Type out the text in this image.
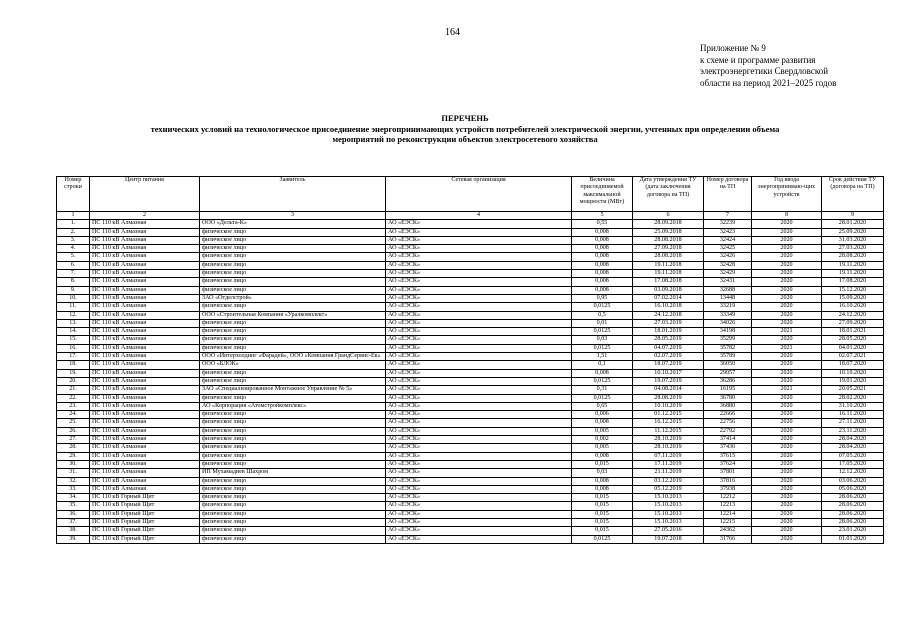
164
Приложение № 9
к схеме и программе развития
электроэнергетики Свердловской
области на период 2021–2025 годов
ПЕРЕЧЕНЬ
технических условий на технологическое присоединение энергопринимающих устройств потребителей электрической энергии, учтенных при определении объема
мероприятий по реконструкции объектов электросетевого хозяйства
Номер строки	Центр питания	Заявитель	Сетевая организация	Величина присоединяемой максимальной мощности (МВт)	Дата утверждения ТУ (дата заключения договора на ТП)	Номер договора на ТП	Год ввода энергопринимаю-щих устройств	Срок действия ТУ (договора на ТП)
1	2	3	4	5	6	7	8	9
1.	ПС 110 кВ Алмазная	ООО «Дельта-К»	АО «ЕЭСК»	0,55	28.09.2018	32239	2020	28.01.2020
2.	ПС 110 кВ Алмазная	физическое лицо	АО «ЕЭСК»	0,008	25.09.2018	32423	2020	25.09.2020
3.	ПС 110 кВ Алмазная	физическое лицо	АО «ЕЭСК»	0,008	28.08.2018	32424	2020	31.03.2020
4.	ПС 110 кВ Алмазная	физическое лицо	АО «ЕЭСК»	0,008	27.09.2018	32425	2020	27.03.2020
5.	ПС 110 кВ Алмазная	физическое лицо	АО «ЕЭСК»	0,008	28.08.2018	32426	2020	28.08.2020
6.	ПС 110 кВ Алмазная	физическое лицо	АО «ЕЭСК»	0,008	19.11.2018	32428	2020	19.11.2020
7.	ПС 110 кВ Алмазная	физическое лицо	АО «ЕЭСК»	0,008	19.11.2018	32429	2020	19.11.2020
8.	ПС 110 кВ Алмазная	физическое лицо	АО «ЕЭСК»	0,008	17.08.2018	32431	2020	17.08.2020
9.	ПС 110 кВ Алмазная	физическое лицо	АО «ЕЭСК»	0,008	03.09.2018	32688	2020	15.12.2020
10.	ПС 110 кВ Алмазная	ЗАО «Отделстрой»	АО «ЕЭСК»	0,95	07.02.2014	13448	2020	15.09.2020
11.	ПС 110 кВ Алмазная	физическое лицо	АО «ЕЭСК»	0,0125	16.10.2018	33219	2020	16.10.2020
12.	ПС 110 кВ Алмазная	ООО «Строительная Компания «Уралкомплект»	АО «ЕЭСК»	0,5	24.12.2018	33349	2020	24.12.2020
13.	ПС 110 кВ Алмазная	физическое лицо	АО «ЕЭСК»	0,01	27.03.2019	34026	2020	27.09.2020
14.	ПС 110 кВ Алмазная	физическое лицо	АО «ЕЭСК»	0,0125	18.01.2019	34198	2021	18.01.2021
15.	ПС 110 кВ Алмазная	физическое лицо	АО «ЕЭСК»	0,03	28.05.2019	35299	2020	28.05.2020
16.	ПС 110 кВ Алмазная	физическое лицо	АО «ЕЭСК»	0,0125	04.07.2019	35782	2021	04.01.2020
17.	ПС 110 кВ Алмазная	ООО «Интерхолдинг «Фарадей», ООО «Компания ГрандСервис-Ек»	АО «ЕЭСК»	1,51	02.07.2019	35789	2020	02.07.2021
18.	ПС 110 кВ Алмазная	ООО «БЛОК»	АО «ЕЭСК»	0,1	18.07.2019	36050	2020	18.07.2020
19.	ПС 110 кВ Алмазная	физическое лицо	АО «ЕЭСК»	0,008	10.10.2017	29057	2020	10.10.2020
20.	ПС 110 кВ Алмазная	физическое лицо	АО «ЕЭСК»	0,0125	19.07.2019	36286	2020	19.01.2020
21.	ПС 110 кВ Алмазная	ЗАО «Специализированное Монтажное Управление № 5»	АО «ЕЭСК»	0,31	04.08.2014	16195	2021	20.05.2021
22.	ПС 110 кВ Алмазная	физическое лицо	АО «ЕЭСК»	0,0125	28.08.2019	36780	2020	28.02.2020
23.	ПС 110 кВ Алмазная	АО «Корпорация «Атомстройкомплекс»	АО «ЕЭСК»	0,65	10.10.2019	36880	2020	31.10.2020
24.	ПС 110 кВ Алмазная	физическое лицо	АО «ЕЭСК»	0,006	01.12.2015	22666	2020	16.11.2020
25.	ПС 110 кВ Алмазная	физическое лицо	АО «ЕЭСК»	0,008	16.12.2015	22756	2020	27.11.2020
26.	ПС 110 кВ Алмазная	физическое лицо	АО «ЕЭСК»	0,005	11.12.2015	22792	2020	23.11.2020
27.	ПС 110 кВ Алмазная	физическое лицо	АО «ЕЭСК»	0,002	28.10.2019	37414	2020	28.04.2020
28.	ПС 110 кВ Алмазная	физическое лицо	АО «ЕЭСК»	0,005	28.10.2019	37430	2020	28.04.2020
29.	ПС 110 кВ Алмазная	физическое лицо	АО «ЕЭСК»	0,008	07.11.2019	37615	2020	07.05.2020
30.	ПС 110 кВ Алмазная	физическое лицо	АО «ЕЭСК»	0,015	17.11.2019	37624	2020	17.05.2020
31.	ПС 110 кВ Алмазная	ИП Мухамадиев Шахром	АО «ЕЭСК»	0,03	21.11.2019	37801	2020	12.12.2020
32.	ПС 110 кВ Алмазная	физическое лицо	АО «ЕЭСК»	0,008	03.12.2019	37816	2020	03.06.2020
33.	ПС 110 кВ Алмазная	физическое лицо	АО «ЕЭСК»	0,008	05.12.2019	37938	2020	05.06.2020
34.	ПС 110 кВ Горный Щит	физическое лицо	АО «ЕЭСК»	0,015	15.10.2013	12212	2020	28.06.2020
35.	ПС 110 кВ Горный Щит	физическое лицо	АО «ЕЭСК»	0,015	15.10.2013	12213	2020	28.06.2020
36.	ПС 110 кВ Горный Щит	физическое лицо	АО «ЕЭСК»	0,015	15.10.2013	12214	2020	28.06.2020
37.	ПС 110 кВ Горный Щит	физическое лицо	АО «ЕЭСК»	0,015	15.10.2013	12215	2020	28.06.2020
38.	ПС 110 кВ Горный Щит	физическое лицо	АО «ЕЭСК»	0,015	27.05.2016	24362	2020	23.01.2020
39.	ПС 110 кВ Горный Щит	физическое лицо	АО «ЕЭСК»	0,0125	19.07.2018	31766	2020	01.01.2020
